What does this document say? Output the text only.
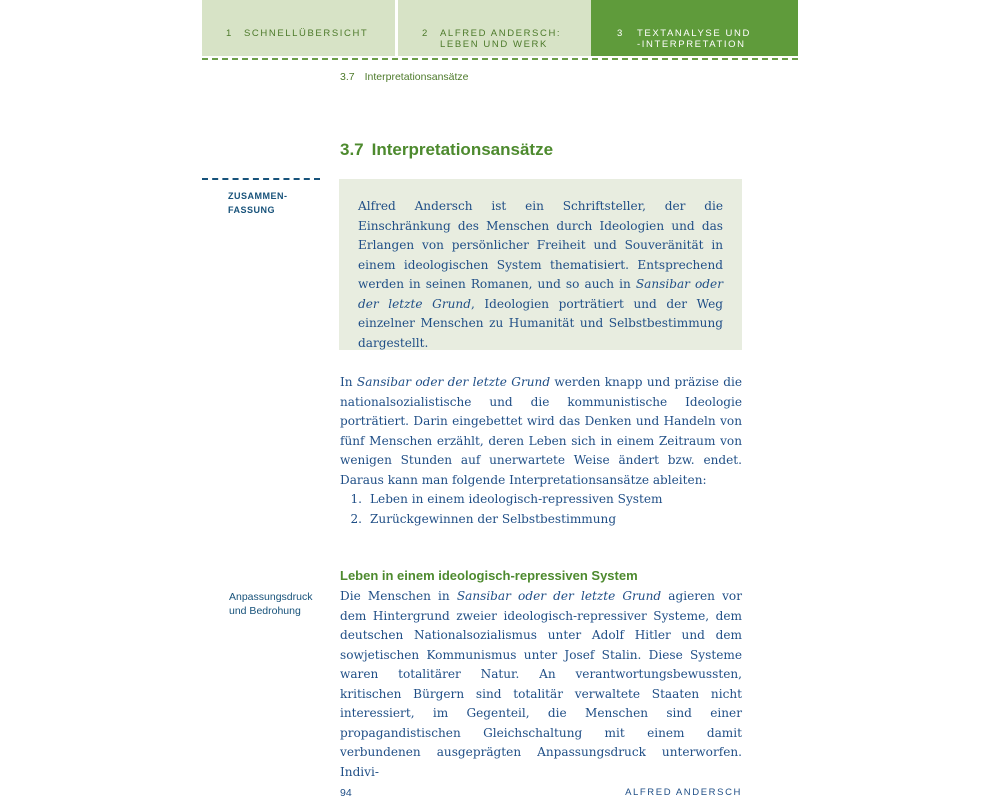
1 SCHNELLÜBERSICHT	2 ALFRED ANDERSCH:
LEBEN UND WERK
3 TEXTANALYSE UND
-INTERPRETATION
3.7 Interpretationsansätze
3.7 Interpretationsansätze
ZUSAMMEN-
FASSUNG	Alfred Andersch ist ein Schriftsteller, der die Einschränkung des Menschen durch Ideologien und das Erlangen von persönlicher Freiheit und Souveränität in einem ideologischen System thematisiert. Entsprechend werden in seinen Romanen, und so auch in Sansibar oder der letzte Grund, Ideologien porträtiert und der Weg einzelner Menschen zu Humanität und Selbstbestimmung dargestellt.

In Sansibar oder der letzte Grund werden knapp und präzise die nationalsozialistische und die kommunistische Ideologie porträtiert. Darin eingebettet wird das Denken und Handeln von fünf Menschen erzählt, deren Leben sich in einem Zeitraum von wenigen Stunden auf unerwartete Weise ändert bzw. endet. Daraus kann man folgende Interpretationsansätze ableiten:

1. Leben in einem ideologisch-repressiven System
2. Zurückgewinnen der Selbstbestimmung
Leben in einem ideologisch-repressiven System
Anpassungsdruck
und Bedrohung

Die Menschen in Sansibar oder der letzte Grund agieren vor dem Hintergrund zweier ideologisch-repressiver Systeme, dem deutschen Nationalsozialismus unter Adolf Hitler und dem sowjetischen Kommunismus unter Josef Stalin. Diese Systeme waren totalitärer Natur. An verantwortungsbewussten, kritischen Bürgern sind totalitär verwaltete Staaten nicht interessiert, im Gegenteil, die Menschen sind einer propagandistischen Gleichschaltung mit einem damit verbundenen ausgeprägten Anpassungsdruck unterworfen. Indivi-

94	ALFRED ANDERSCH
